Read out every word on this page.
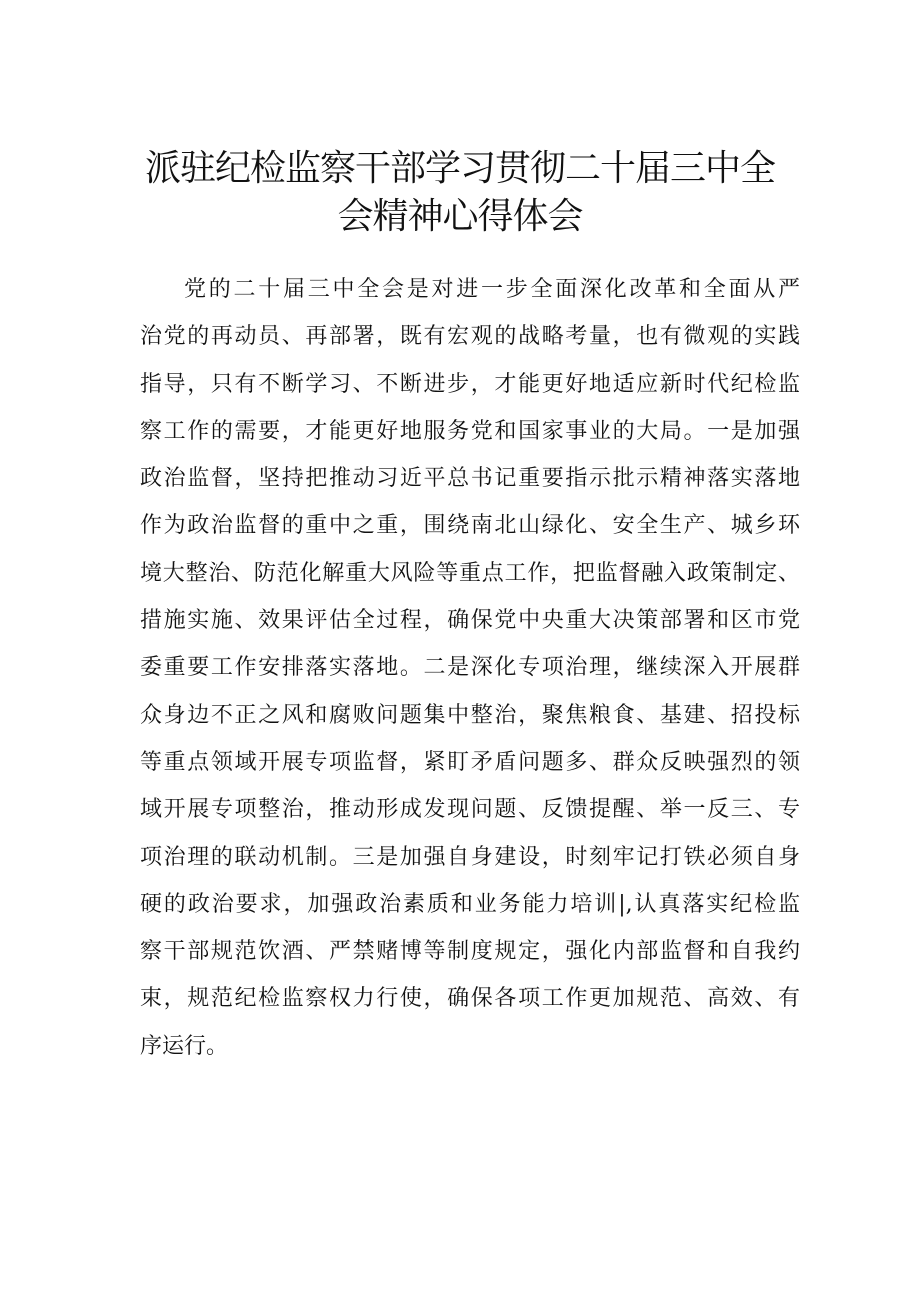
派驻纪检监察干部学习贯彻二十届三中全
会精神心得体会
党的二十届三中全会是对进一步全面深化改革和全面从严
治党的再动员、再部署，既有宏观的战略考量，也有微观的实践
指导，只有不断学习、不断进步，才能更好地适应新时代纪检监
察工作的需要，才能更好地服务党和国家事业的大局。一是加强
政治监督，坚持把推动习近平总书记重要指示批示精神落实落地
作为政治监督的重中之重，围绕南北山绿化、安全生产、城乡环
境大整治、防范化解重大风险等重点工作，把监督融入政策制定、
措施实施、效果评估全过程，确保党中央重大决策部署和区市党
委重要工作安排落实落地。二是深化专项治理，继续深入开展群
众身边不正之风和腐败问题集中整治，聚焦粮食、基建、招投标
等重点领域开展专项监督，紧盯矛盾问题多、群众反映强烈的领
域开展专项整治，推动形成发现问题、反馈提醒、举一反三、专
项治理的联动机制。三是加强自身建设，时刻牢记打铁必须自身
硬的政治要求，加强政治素质和业务能力培训|,认真落实纪检监
察干部规范饮酒、严禁赌博等制度规定，强化内部监督和自我约
束，规范纪检监察权力行使，确保各项工作更加规范、高效、有
序运行。
